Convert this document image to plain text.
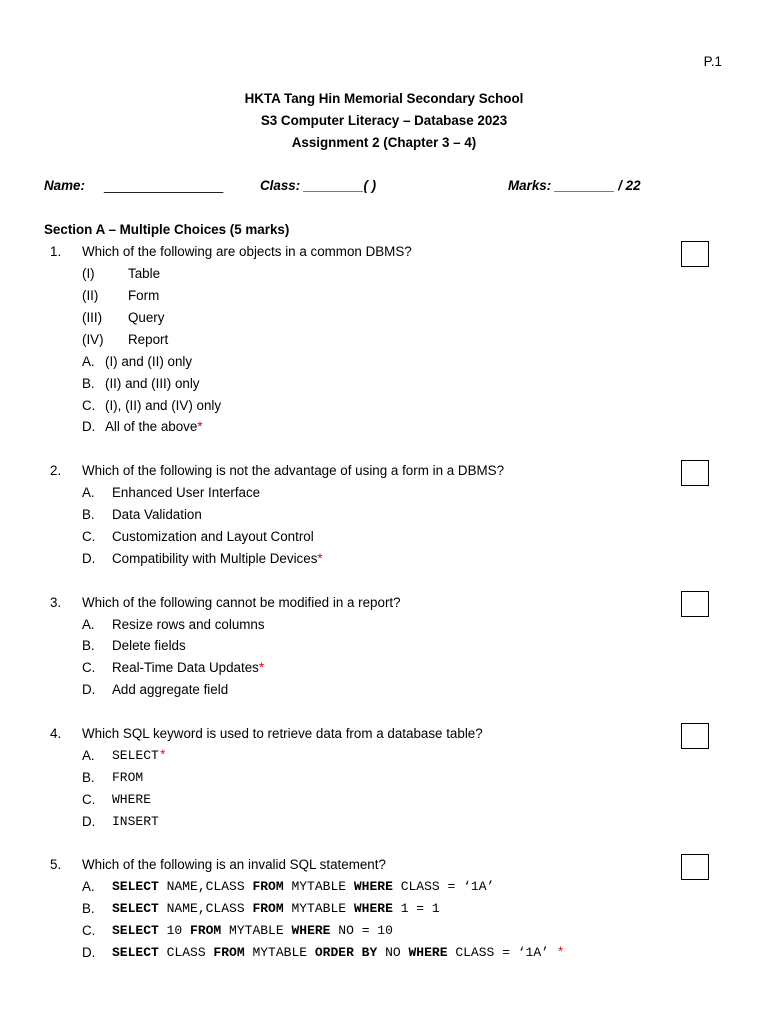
P.1
HKTA Tang Hin Memorial Secondary School
S3 Computer Literacy – Database 2023
Assignment 2 (Chapter 3 – 4)
Name: ________________	Class: ________( )	Marks: ________ / 22
Section A – Multiple Choices (5 marks)
1. Which of the following are objects in a common DBMS?
(I) Table
(II) Form
(III) Query
(IV) Report
A. (I) and (II) only
B. (II) and (III) only
C. (I), (II) and (IV) only
D. All of the above*
2. Which of the following is not the advantage of using a form in a DBMS?
A. Enhanced User Interface
B. Data Validation
C. Customization and Layout Control
D. Compatibility with Multiple Devices*
3. Which of the following cannot be modified in a report?
A. Resize rows and columns
B. Delete fields
C. Real-Time Data Updates*
D. Add aggregate field
4. Which SQL keyword is used to retrieve data from a database table?
A. SELECT*
B. FROM
C. WHERE
D. INSERT
5. Which of the following is an invalid SQL statement?
A. SELECT NAME,CLASS FROM MYTABLE WHERE CLASS = ‘1A’
B. SELECT NAME,CLASS FROM MYTABLE WHERE 1 = 1
C. SELECT 10 FROM MYTABLE WHERE NO = 10
D. SELECT CLASS FROM MYTABLE ORDER BY NO WHERE CLASS = ‘1A’ *
